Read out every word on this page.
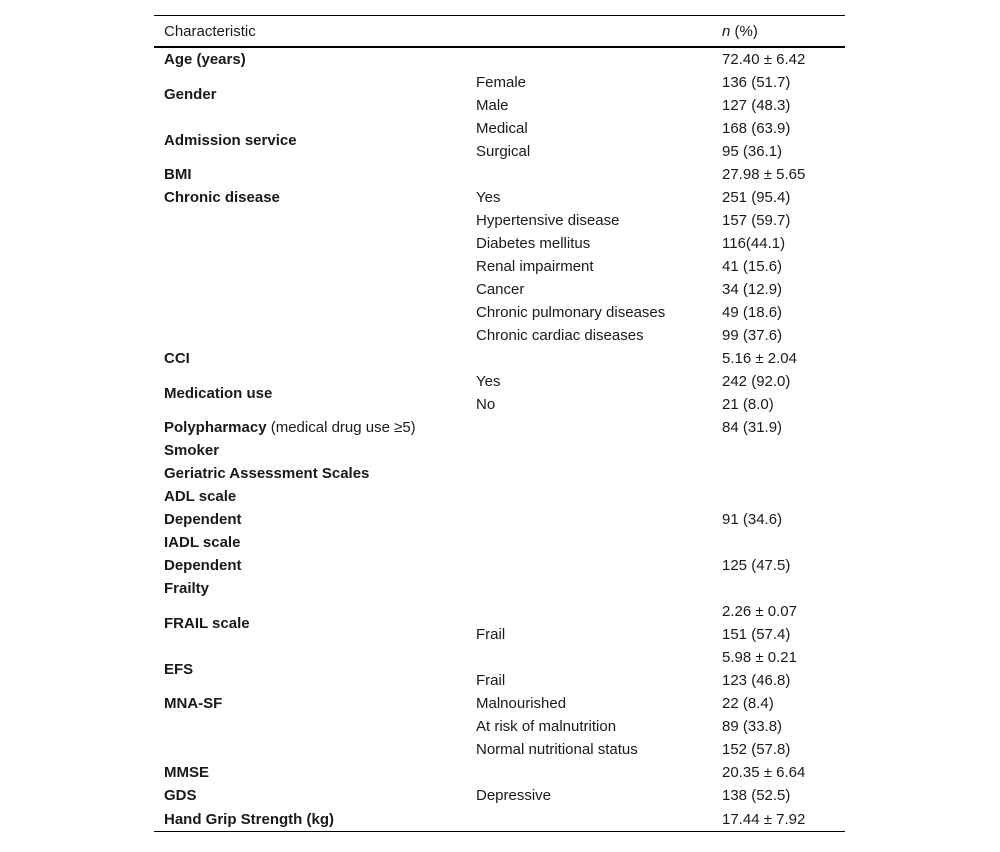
Characteristic		n (%)
Age (years)		72.40 ± 6.42
Gender	Female	136 (51.7)
	Male	127 (48.3)
Admission service	Medical	168 (63.9)
	Surgical	95 (36.1)
BMI		27.98 ± 5.65
Chronic disease	Yes	251 (95.4)
	Hypertensive disease	157 (59.7)
	Diabetes mellitus	116(44.1)
	Renal impairment	41 (15.6)
	Cancer	34 (12.9)
	Chronic pulmonary diseases	49 (18.6)
	Chronic cardiac diseases	99 (37.6)
CCI		5.16 ± 2.04
Medication use	Yes	242 (92.0)
	No	21 (8.0)
Polypharmacy (medical drug use ≥5)		84 (31.9)
Smoker		
Geriatric Assessment Scales		
ADL scale		
Dependent		91 (34.6)
IADL scale		
Dependent		125 (47.5)
Frailty		
FRAIL scale		2.26 ± 0.07
	Frail	151 (57.4)
EFS		5.98 ± 0.21
	Frail	123 (46.8)
MNA-SF	Malnourished	22 (8.4)
	At risk of malnutrition	89 (33.8)
	Normal nutritional status	152 (57.8)
MMSE		20.35 ± 6.64
GDS	Depressive	138 (52.5)
Hand Grip Strength (kg)		17.44 ± 7.92
